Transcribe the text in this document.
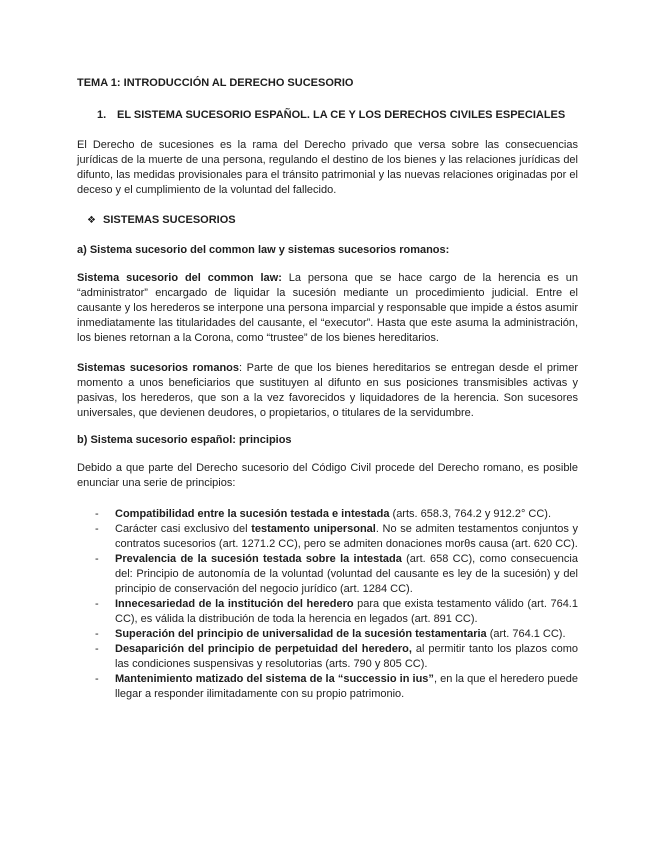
TEMA 1: INTRODUCCIÓN AL DERECHO SUCESORIO

1. EL SISTEMA SUCESORIO ESPAÑOL. LA CE Y LOS DERECHOS CIVILES ESPECIALES

El Derecho de sucesiones es la rama del Derecho privado que versa sobre las consecuencias jurídicas de la muerte de una persona, regulando el destino de los bienes y las relaciones jurídicas del difunto, las medidas provisionales para el tránsito patrimonial y las nuevas relaciones originadas por el deceso y el cumplimiento de la voluntad del fallecido.

❖ SISTEMAS SUCESORIOS

a) Sistema sucesorio del common law y sistemas sucesorios romanos:

Sistema sucesorio del common law: La persona que se hace cargo de la herencia es un “administrator” encargado de liquidar la sucesión mediante un procedimiento judicial. Entre el causante y los herederos se interpone una persona imparcial y responsable que impide a éstos asumir inmediatamente las titularidades del causante, el “executor”. Hasta que este asuma la administración, los bienes retornan a la Corona, como “trustee” de los bienes hereditarios.

Sistemas sucesorios romanos: Parte de que los bienes hereditarios se entregan desde el primer momento a unos beneficiarios que sustituyen al difunto en sus posiciones transmisibles activas y pasivas, los herederos, que son a la vez favorecidos y liquidadores de la herencia. Son sucesores universales, que devienen deudores, o propietarios, o titulares de la servidumbre.

b) Sistema sucesorio español: principios

Debido a que parte del Derecho sucesorio del Código Civil procede del Derecho romano, es posible enunciar una serie de principios:

-	Compatibilidad entre la sucesión testada e intestada (arts. 658.3, 764.2 y 912.2° CC).
-	Carácter casi exclusivo del testamento unipersonal. No se admiten testamentos conjuntos y contratos sucesorios (art. 1271.2 CC), pero se admiten donaciones morθs causa (art. 620 CC).
-	Prevalencia de la sucesión testada sobre la intestada (art. 658 CC), como consecuencia del: Principio de autonomía de la voluntad (voluntad del causante es ley de la sucesión) y del principio de conservación del negocio jurídico (art. 1284 CC).
-	Innecesariedad de la institución del heredero para que exista testamento válido (art. 764.1 CC), es válida la distribución de toda la herencia en legados (art. 891 CC).
-	Superación del principio de universalidad de la sucesión testamentaria (art. 764.1 CC).
-	Desaparición del principio de perpetuidad del heredero, al permitir tanto los plazos como las condiciones suspensivas y resolutorias (arts. 790 y 805 CC).
-	Mantenimiento matizado del sistema de la “successio in ius”, en la que el heredero puede llegar a responder ilimitadamente con su propio patrimonio.
